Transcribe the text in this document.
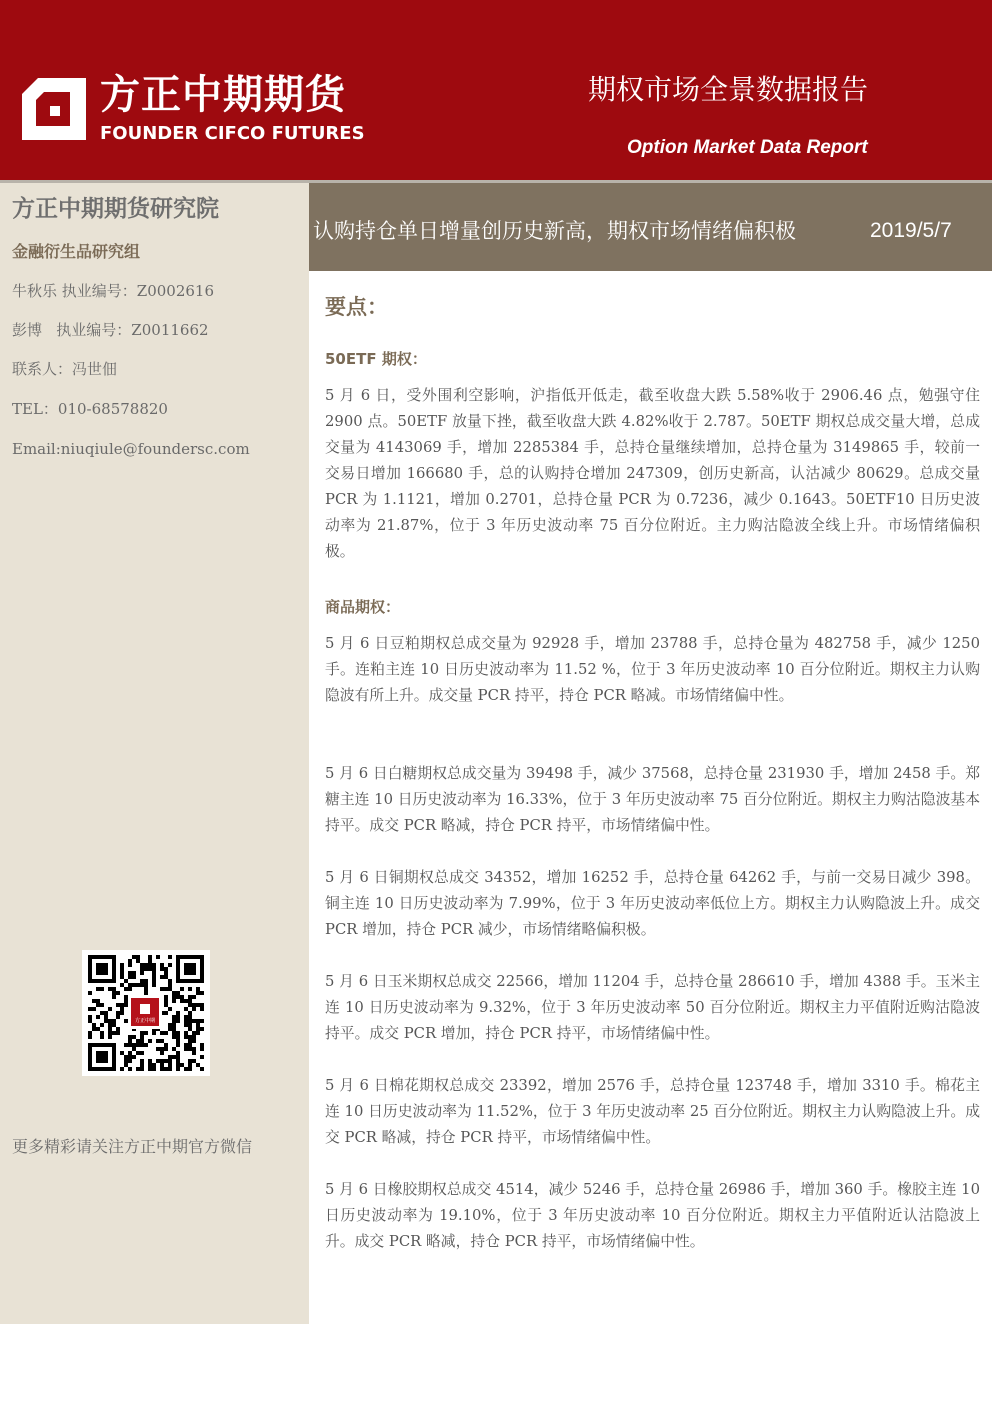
方正中期期货
FOUNDER CIFCO FUTURES
期权市场全景数据报告
Option Market Data Report
方正中期期货研究院
金融衍生品研究组
牛秋乐 执业编号：Z0002616
彭博   执业编号：Z0011662
联系人：冯世佃
TEL：010-68578820
Email:niuqiule@foundersc.com
方正中期
更多精彩请关注方正中期官方微信
认购持仓单日增量创历史新高，期权市场情绪偏积极	2019/5/7
要点：
50ETF 期权：

5 月 6 日，受外围利空影响，沪指低开低走，截至收盘大跌 5.58%收于 2906.46 点，勉强守住 2900 点。50ETF 放量下挫，截至收盘大跌 4.82%收于 2.787。50ETF 期权总成交量大增，总成交量为 4143069 手，增加 2285384 手，总持仓量继续增加，总持仓量为 3149865 手，较前一交易日增加 166680 手，总的认购持仓增加 247309，创历史新高，认沽减少 80629。总成交量 PCR 为 1.1121，增加 0.2701，总持仓量 PCR 为 0.7236，减少 0.1643。50ETF10 日历史波动率为 21.87%，位于 3 年历史波动率 75 百分位附近。主力购沽隐波全线上升。市场情绪偏积极。

商品期权：

5 月 6 日豆粕期权总成交量为 92928 手，增加 23788 手，总持仓量为 482758 手，减少 1250 手。连粕主连 10 日历史波动率为 11.52 %，位于 3 年历史波动率 10 百分位附近。期权主力认购隐波有所上升。成交量 PCR 持平，持仓 PCR 略减。市场情绪偏中性。

5 月 6 日白糖期权总成交量为 39498 手，减少 37568，总持仓量 231930 手，增加 2458 手。郑糖主连 10 日历史波动率为 16.33%，位于 3 年历史波动率 75 百分位附近。期权主力购沽隐波基本持平。成交 PCR 略减，持仓 PCR 持平，市场情绪偏中性。

5 月 6 日铜期权总成交 34352，增加 16252 手，总持仓量 64262 手，与前一交易日减少 398。铜主连 10 日历史波动率为 7.99%，位于 3 年历史波动率低位上方。期权主力认购隐波上升。成交 PCR 增加，持仓 PCR 减少，市场情绪略偏积极。

5 月 6 日玉米期权总成交 22566，增加 11204 手，总持仓量 286610 手，增加 4388 手。玉米主连 10 日历史波动率为 9.32%，位于 3 年历史波动率 50 百分位附近。期权主力平值附近购沽隐波持平。成交 PCR 增加，持仓 PCR 持平，市场情绪偏中性。

5 月 6 日棉花期权总成交 23392，增加 2576 手，总持仓量 123748 手，增加 3310 手。棉花主连 10 日历史波动率为 11.52%，位于 3 年历史波动率 25 百分位附近。期权主力认购隐波上升。成交 PCR 略减，持仓 PCR 持平，市场情绪偏中性。

5 月 6 日橡胶期权总成交 4514，减少 5246 手，总持仓量 26986 手，增加 360 手。橡胶主连 10 日历史波动率为 19.10%，位于 3 年历史波动率 10 百分位附近。期权主力平值附近认沽隐波上升。成交 PCR 略减，持仓 PCR 持平，市场情绪偏中性。
